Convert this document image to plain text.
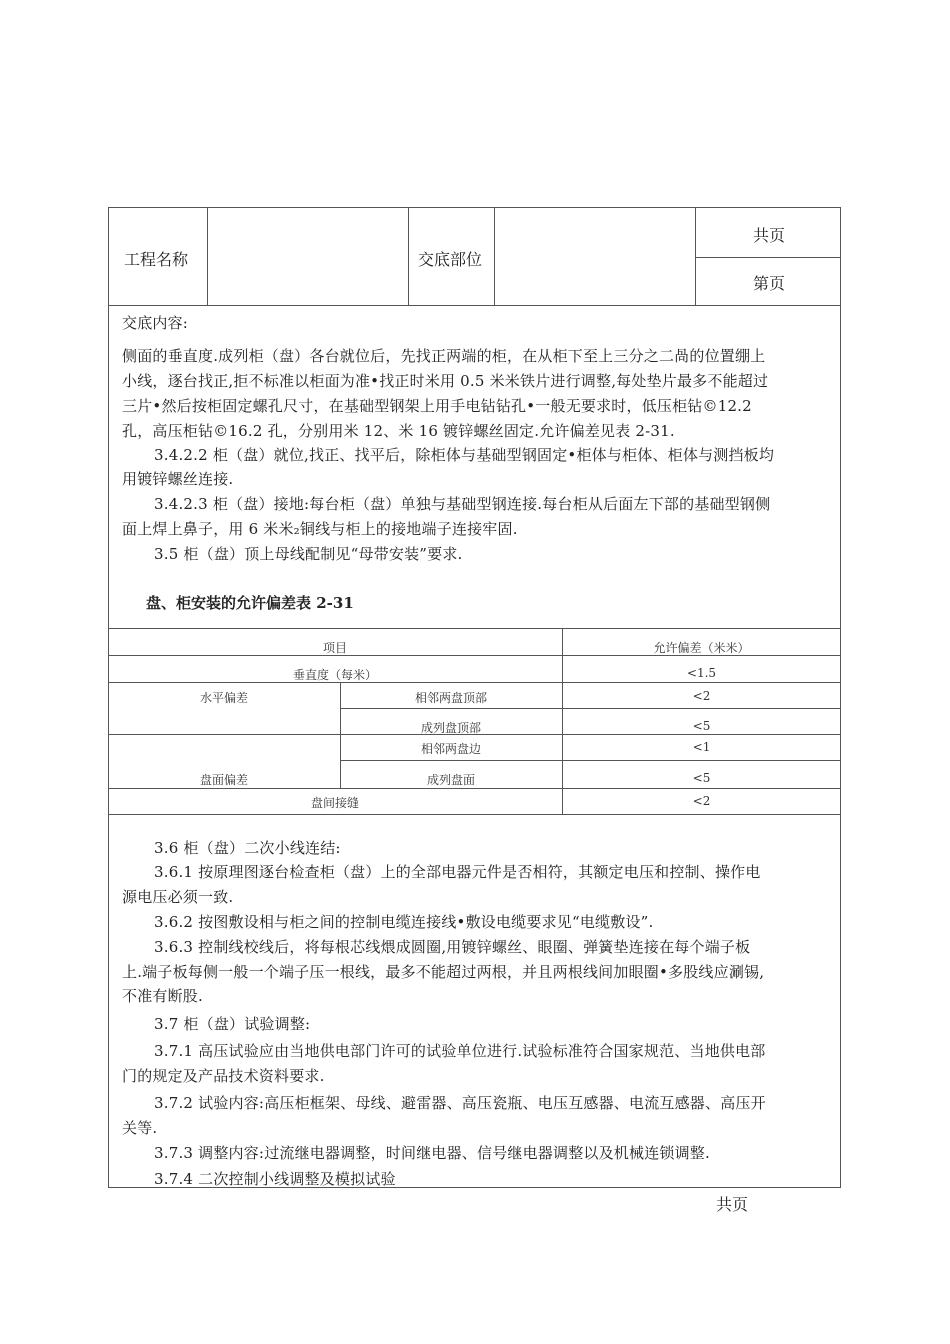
工程名称	交底部位
共页
第页
交底内容:
侧面的垂直度.成列柜（盘）各台就位后，先找正两端的柜，在从柜下至上三分之二咼的位置绷上
小线，逐台找正,拒不标准以柜面为准•找正时米用 0.5 米米铁片进行调整,每处垫片最多不能超过
三片•然后按柜固定螺孔尺寸，在基础型钢架上用手电钻钻孔•一般无要求时，低压柜钻©12.2
孔，高压柜钻©16.2 孔，分别用米 12、米 16 镀锌螺丝固定.允许偏差见表 2-31.
3.4.2.2 柜（盘）就位,找正、找平后，除柜体与基础型钢固定•柜体与柜体、柜体与测挡板均
用镀锌螺丝连接.
3.4.2.3 柜（盘）接地:每台柜（盘）单独与基础型钢连接.每台柜从后面左下部的基础型钢侧
面上焊上鼻子，用 6 米米₂铜线与柜上的接地端子连接牢固.
3.5 柜（盘）顶上母线配制见“母带安装”要求.
盘、柜安装的允许偏差表 2-31
项目	允许偏差（米米）
垂直度（每米）	<1.5
水平偏差	相邻两盘顶部	<2
成列盘顶部	<5
相邻两盘边	<1
盘面偏差	成列盘面	<5
盘间接缝	<2
3.6 柜（盘）二次小线连结:
3.6.1 按原理图逐台检查柜（盘）上的全部电器元件是否相符，其额定电压和控制、操作电
源电压必须一致.
3.6.2 按图敷设相与柜之间的控制电缆连接线•敷设电缆要求见“电缆敷设”.
3.6.3 控制线校线后，将每根芯线煨成圆圈,用镀锌螺丝、眼圈、弹簧垫连接在每个端子板
上.端子板每侧一般一个端子压一根线，最多不能超过两根，并且两根线间加眼圈•多股线应涮锡,
不准有断股.
3.7 柜（盘）试验调整:
3.7.1 高压试验应由当地供电部门许可的试验单位进行.试验标准符合国家规范、当地供电部
门的规定及产品技术资料要求.
3.7.2 试验内容:高压柜框架、母线、避雷器、高压瓷瓶、电压互感器、电流互感器、高压开
关等.
3.7.3 调整内容:过流继电器调整，时间继电器、信号继电器调整以及机械连锁调整.
3.7.4 二次控制小线调整及模拟试验
共页
